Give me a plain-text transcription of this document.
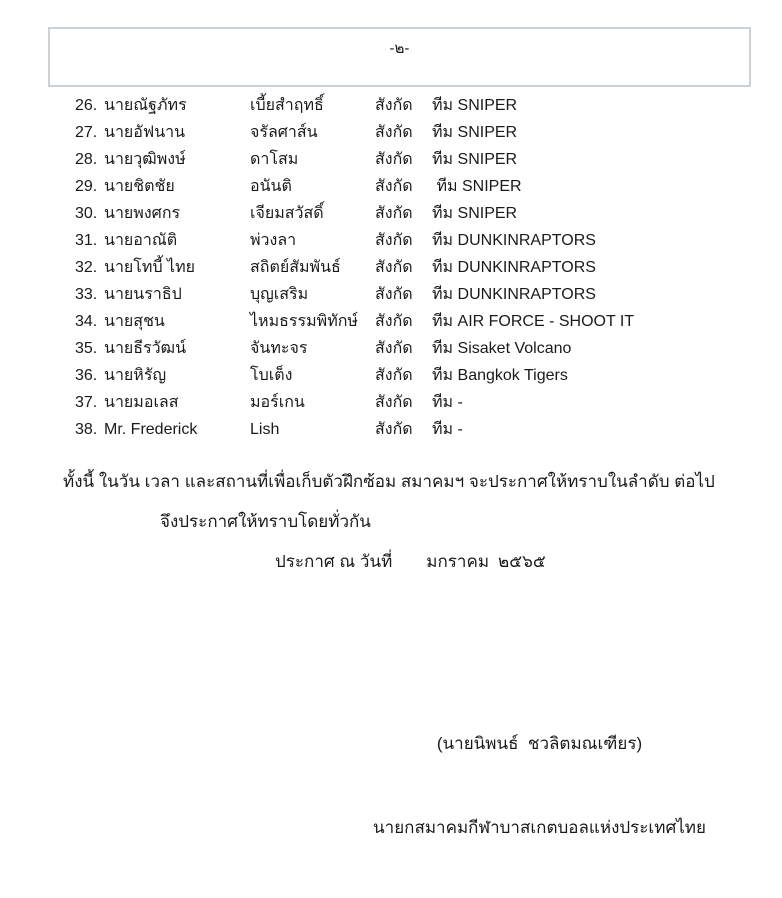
-๒-
26. นายณัฐภัทร	เบี้ยสำฤทธิ์	สังกัด	ทีม SNIPER
27. นายอัฟนาน	จรัลศาส์น	สังกัด	ทีม SNIPER
28. นายวุฒิพงษ์	ดาโสม	สังกัด	ทีม SNIPER
29. นายชิตชัย	อนันติ	สังกัด	ทีม SNIPER
30. นายพงศกร	เจียมสวัสดิ์	สังกัด	ทีม SNIPER
31. นายอาณัติ	พ่วงลา	สังกัด	ทีม DUNKINRAPTORS
32. นายโทบี้ ไทย	สถิตย์สัมพันธ์	สังกัด	ทีม DUNKINRAPTORS
33. นายนราธิป	บุญเสริม	สังกัด	ทีม DUNKINRAPTORS
34. นายสุชน	ไหมธรรมพิทักษ์	สังกัด	ทีม AIR FORCE - SHOOT IT
35. นายธีรวัฒน์	จันทะจร	สังกัด	ทีม Sisaket Volcano
36. นายหิรัญ	โบเต็ง	สังกัด	ทีม Bangkok Tigers
37. นายมอเลส	มอร์เกน	สังกัด	ทีม -
38. Mr. Frederick	Lish	สังกัด	ทีม -

ทั้งนี้ ในวัน เวลา และสถานที่เพื่อเก็บตัวฝึกซ้อม สมาคมฯ จะประกาศให้ทราบในลำดับ ต่อไป

จึงประกาศให้ทราบโดยทั่วกัน

ประกาศ ณ วันที่ มกราคม ๒๕๖๕

(นายนิพนธ์  ชวลิตมณเฑียร)

นายกสมาคมกีฬาบาสเกตบอลแห่งประเทศไทย
